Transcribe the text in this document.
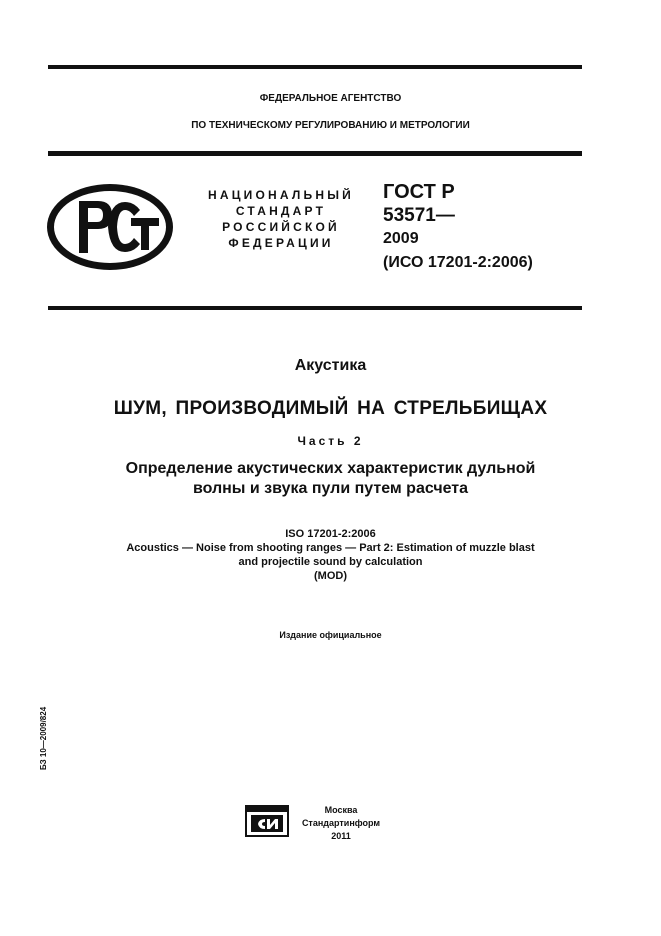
ФЕДЕРАЛЬНОЕ АГЕНТСТВО
ПО ТЕХНИЧЕСКОМУ РЕГУЛИРОВАНИЮ И МЕТРОЛОГИИ
НАЦИОНАЛЬНЫЙ
СТАНДАРТ
РОССИЙСКОЙ
ФЕДЕРАЦИИ
ГОСТ Р
53571—
2009
(ИСО 17201-2:2006)
Акустика
ШУМ, ПРОИЗВОДИМЫЙ НА СТРЕЛЬБИЩАХ
Часть 2
Определение акустических характеристик дульной
волны и звука пули путем расчета
ISO 17201-2:2006
Acoustics — Noise from shooting ranges — Part 2: Estimation of muzzle blast
and projectile sound by calculation
(MOD)
Издание официальное
БЗ 10—2009/824
Москва
Стандартинформ
2011
